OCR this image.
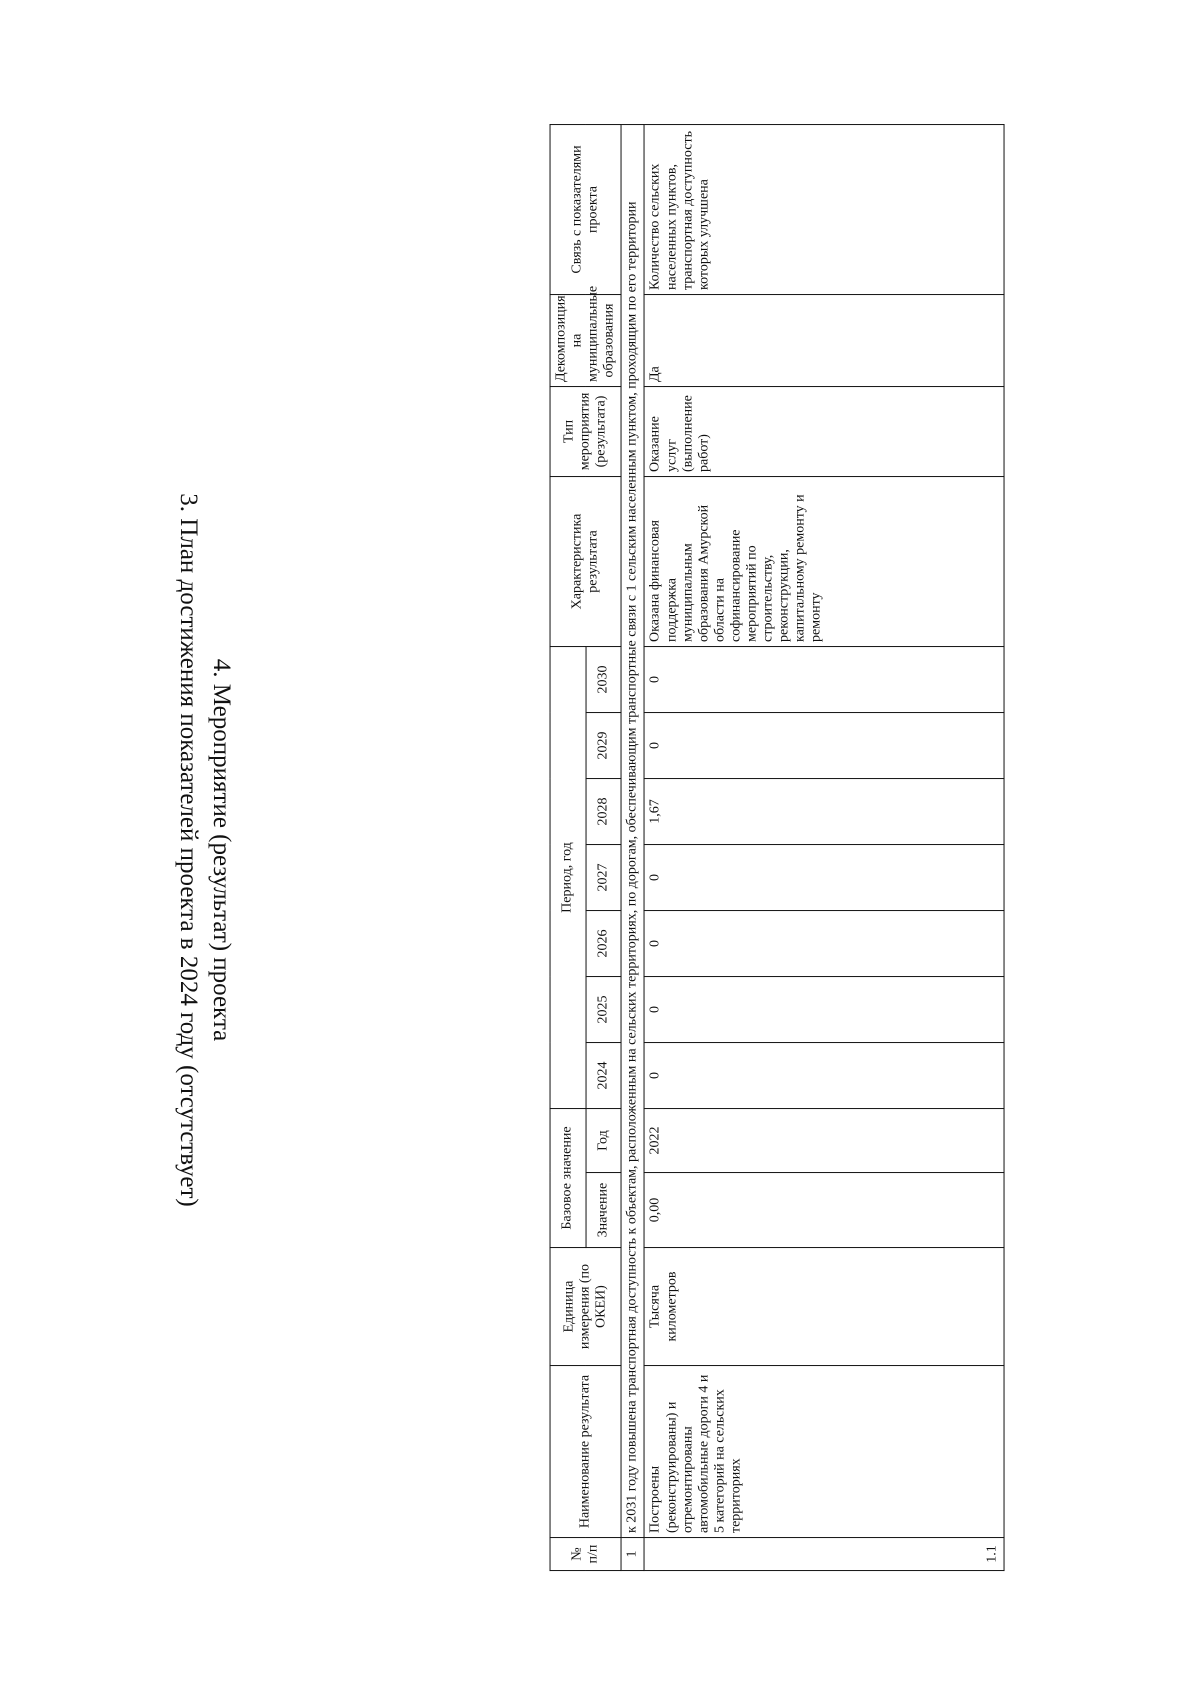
3. План достижения показателей проекта в 2024 году (отсутствует) 4. Мероприятие (результат) проекта

№ п/п	Наименование результата	Единица измерения (по ОКЕИ)	Базовое значение		Период, год							Характеристика результата	Тип мероприятия (результата)	Декомпозиция на муниципальные образования	Связь с показателями проекта
			Значение	Год	2024	2025	2026	2027	2028	2029	2030				
1	к 2031 году повышена транспортная доступность к объектам, расположенным на сельских территориях, по дорогам, обеспечивающим транспортные связи с 1 сельским населенным пунктом, проходящим по его территории														
1.1	Построены (реконструированы) и отремонтированы автомобильные дороги 4 и 5 категорий на сельских территориях	Тысяча километров	0,00	2022	0	0	0	0	1,67	0	0	Оказана финансовая поддержка муниципальным образования Амурской области на софинансирование мероприятий по строительству, реконструкции, капитальному ремонту и ремонту	Оказание услуг (выполнение работ)	Да	Количество сельских населенных пунктов, транспортная доступность которых улучшена
